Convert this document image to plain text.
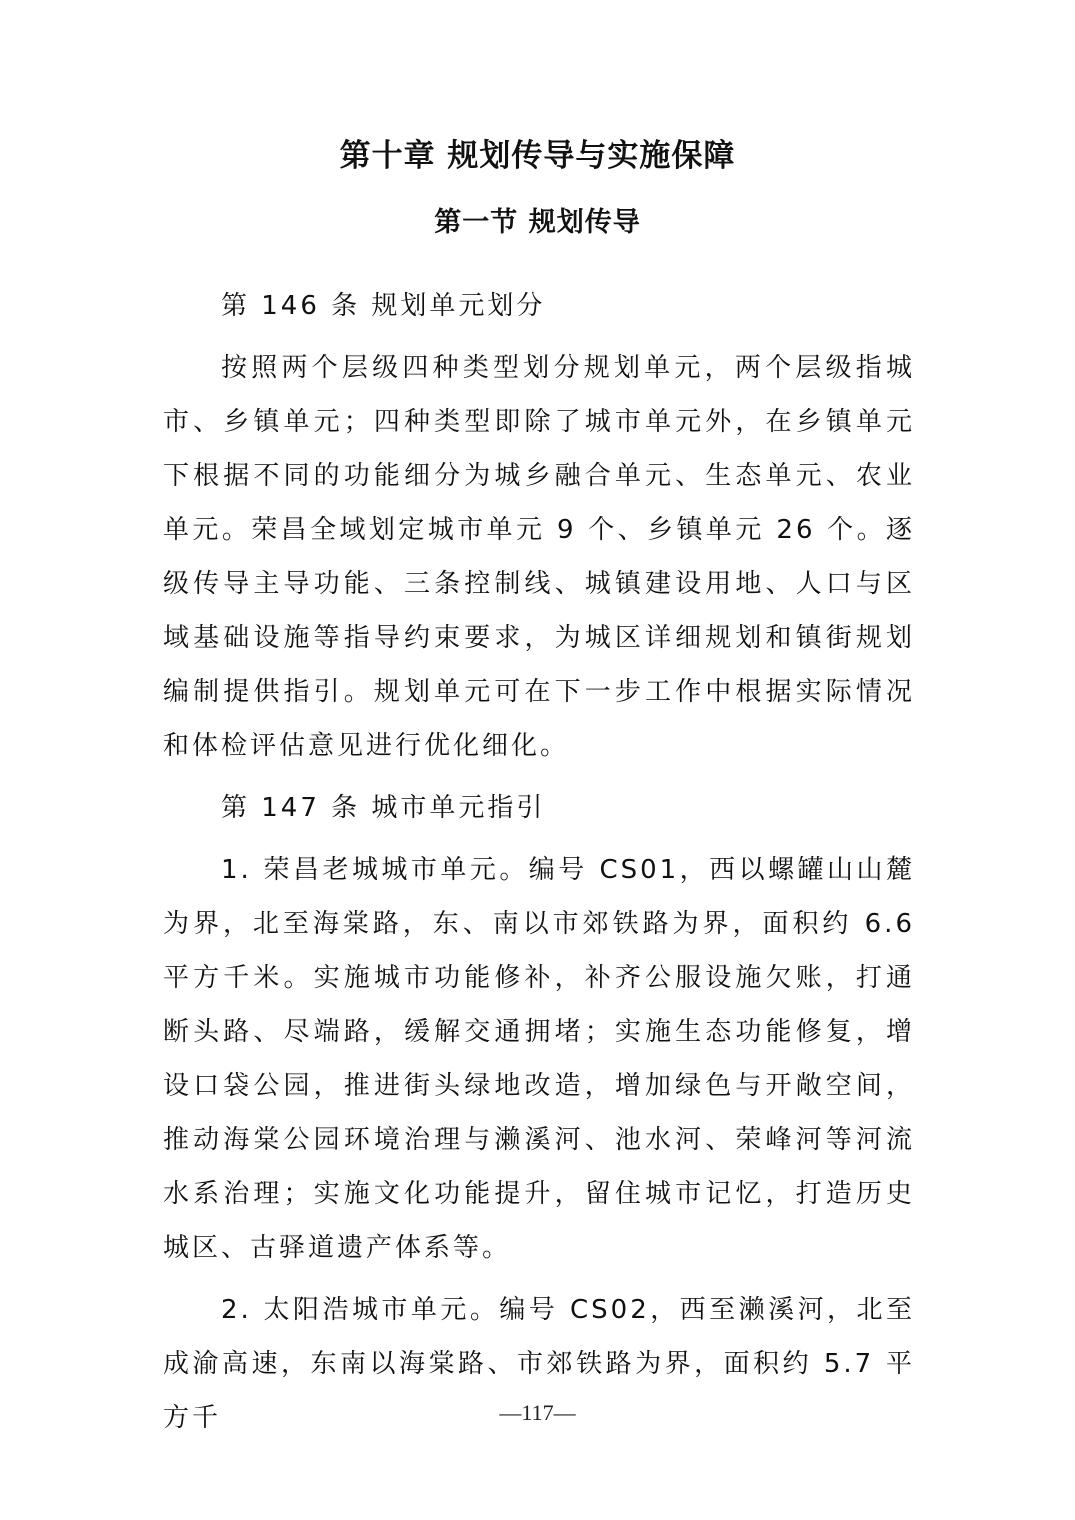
第十章 规划传导与实施保障
第一节 规划传导
第 146 条 规划单元划分

按照两个层级四种类型划分规划单元，两个层级指城市、乡镇单元；四种类型即除了城市单元外，在乡镇单元下根据不同的功能细分为城乡融合单元、生态单元、农业单元。荣昌全域划定城市单元 9 个、乡镇单元 26 个。逐级传导主导功能、三条控制线、城镇建设用地、人口与区域基础设施等指导约束要求，为城区详细规划和镇街规划编制提供指引。规划单元可在下一步工作中根据实际情况和体检评估意见进行优化细化。

第 147 条 城市单元指引

1. 荣昌老城城市单元。编号 CS01，西以螺罐山山麓为界，北至海棠路，东、南以市郊铁路为界，面积约 6.6 平方千米。实施城市功能修补，补齐公服设施欠账，打通断头路、尽端路，缓解交通拥堵；实施生态功能修复，增设口袋公园，推进街头绿地改造，增加绿色与开敞空间，推动海棠公园环境治理与濑溪河、池水河、荣峰河等河流水系治理；实施文化功能提升，留住城市记忆，打造历史城区、古驿道遗产体系等。

2. 太阳浩城市单元。编号 CS02，西至濑溪河，北至成渝高速，东南以海棠路、市郊铁路为界，面积约 5.7 平方千	—117—
